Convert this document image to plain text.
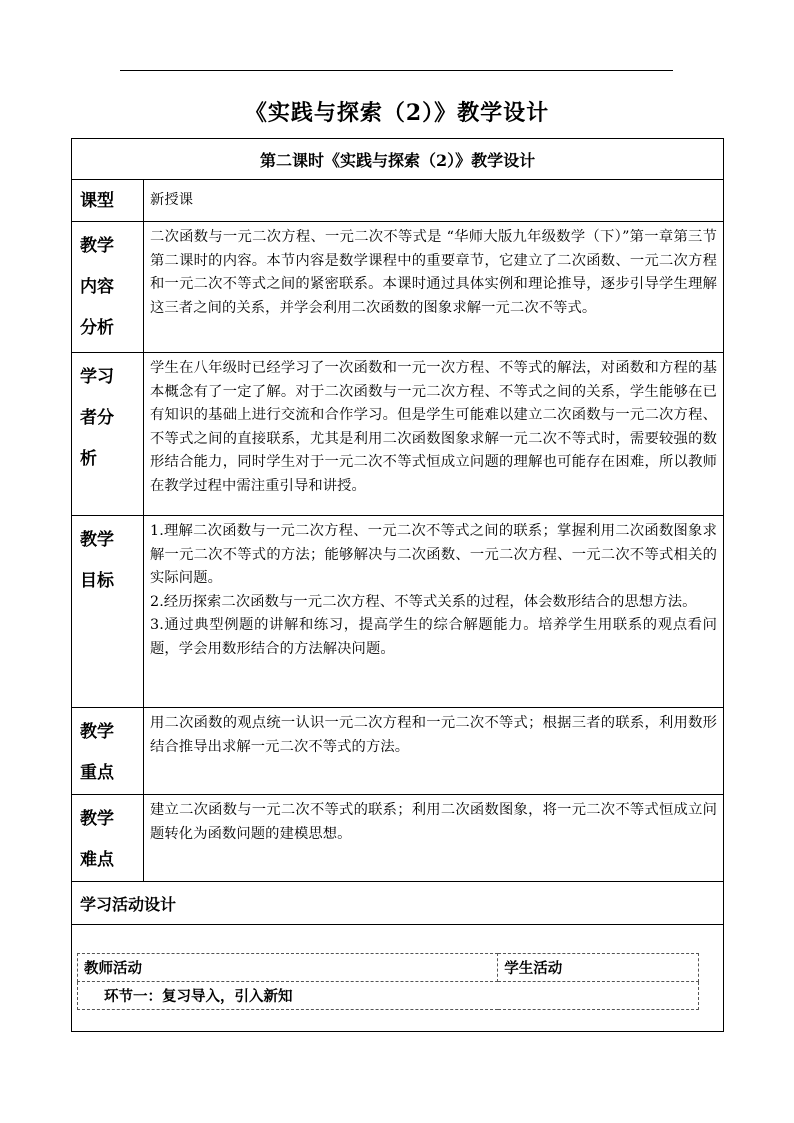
《实践与探索（2）》教学设计
第二课时《实践与探索（2）》教学设计
课型	新授课

教学
内容
分析
	二次函数与一元二次方程、一元二次不等式是 “华师大版九年级数学（下）”第一章第三节第二课时的内容。本节内容是数学课程中的重要章节，它建立了二次函数、一元二次方程和一元二次不等式之间的紧密联系。本课时通过具体实例和理论推导，逐步引导学生理解这三者之间的关系，并学会利用二次函数的图象求解一元二次不等式。

学习
者分
析
	学生在八年级时已经学习了一次函数和一元一次方程、不等式的解法，对函数和方程的基本概念有了一定了解。对于二次函数与一元二次方程、不等式之间的关系，学生能够在已有知识的基础上进行交流和合作学习。但是学生可能难以建立二次函数与一元二次方程、不等式之间的直接联系，尤其是利用二次函数图象求解一元二次不等式时，需要较强的数形结合能力，同时学生对于一元二次不等式恒成立问题的理解也可能存在困难，所以教师在教学过程中需注重引导和讲授。

教学
目标

1.理解二次函数与一元二次方程、一元二次不等式之间的联系；掌握利用二次函数图象求解一元二次不等式的方法；能够解决与二次函数、一元二次方程、一元二次不等式相关的实际问题。

2.经历探索二次函数与一元二次方程、不等式关系的过程，体会数形结合的思想方法。

3.通过典型例题的讲解和练习，提高学生的综合解题能力。培养学生用联系的观点看问题，学会用数形结合的方法解决问题。

教学
重点
	用二次函数的观点统一认识一元二次方程和一元二次不等式；根据三者的联系，利用数形结合推导出求解一元二次不等式的方法。

教学
难点
	建立二次函数与一元二次不等式的联系；利用二次函数图象，将一元二次不等式恒成立问题转化为函数问题的建模思想。
学习活动设计

教师活动	学生活动
环节一：复习导入，引入新知
